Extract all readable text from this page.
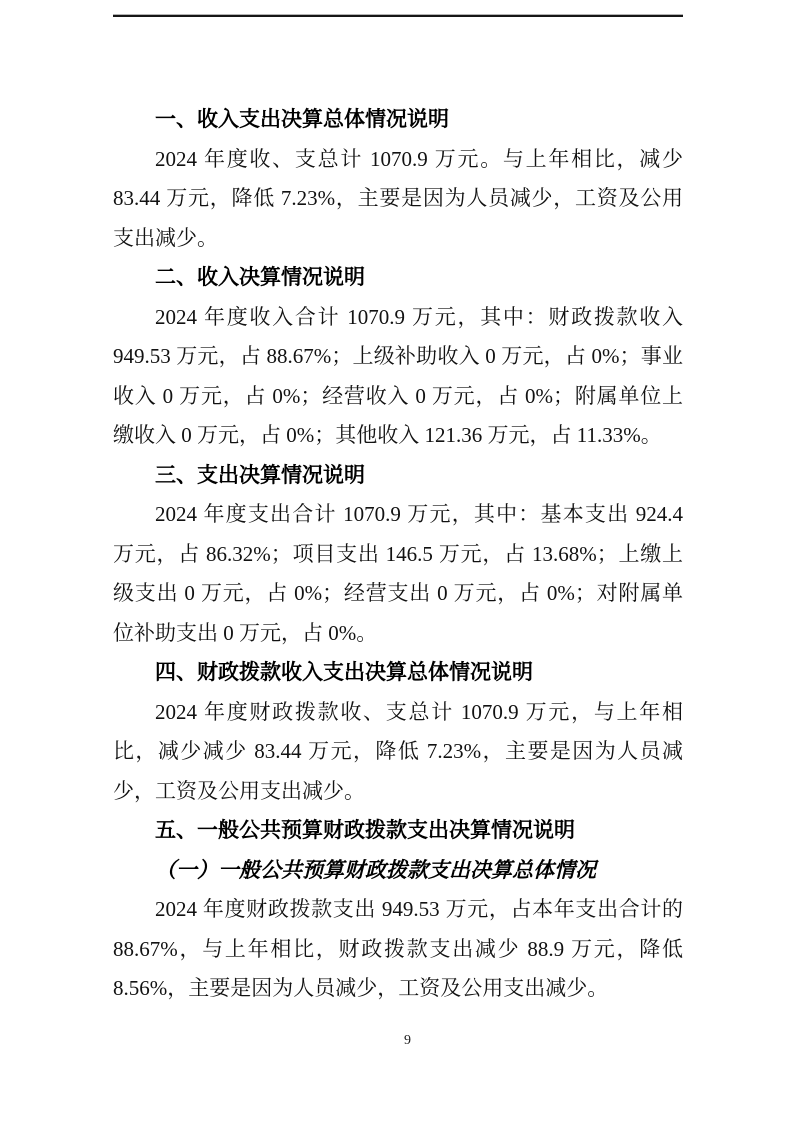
一、收入支出决算总体情况说明

2024 年度收、支总计 1070.9 万元。与上年相比，减少 83.44 万元，降低 7.23%，主要是因为人员减少，工资及公用支出减少。

二、收入决算情况说明

2024 年度收入合计 1070.9 万元，其中：财政拨款收入 949.53 万元，占 88.67%；上级补助收入 0 万元，占 0%；事业收入 0 万元，占 0%；经营收入 0 万元，占 0%；附属单位上缴收入 0 万元，占 0%；其他收入 121.36 万元，占 11.33%。

三、支出决算情况说明

2024 年度支出合计 1070.9 万元，其中：基本支出 924.4 万元，占 86.32%；项目支出 146.5 万元，占 13.68%；上缴上级支出 0 万元，占 0%；经营支出 0 万元，占 0%；对附属单位补助支出 0 万元，占 0%。

四、财政拨款收入支出决算总体情况说明

2024 年度财政拨款收、支总计 1070.9 万元，与上年相比，减少减少 83.44 万元，降低 7.23%，主要是因为人员减少，工资及公用支出减少。

五、一般公共预算财政拨款支出决算情况说明

（一）一般公共预算财政拨款支出决算总体情况

2024 年度财政拨款支出 949.53 万元，占本年支出合计的 88.67%，与上年相比，财政拨款支出减少 88.9 万元，降低 8.56%，主要是因为人员减少，工资及公用支出减少。

9
